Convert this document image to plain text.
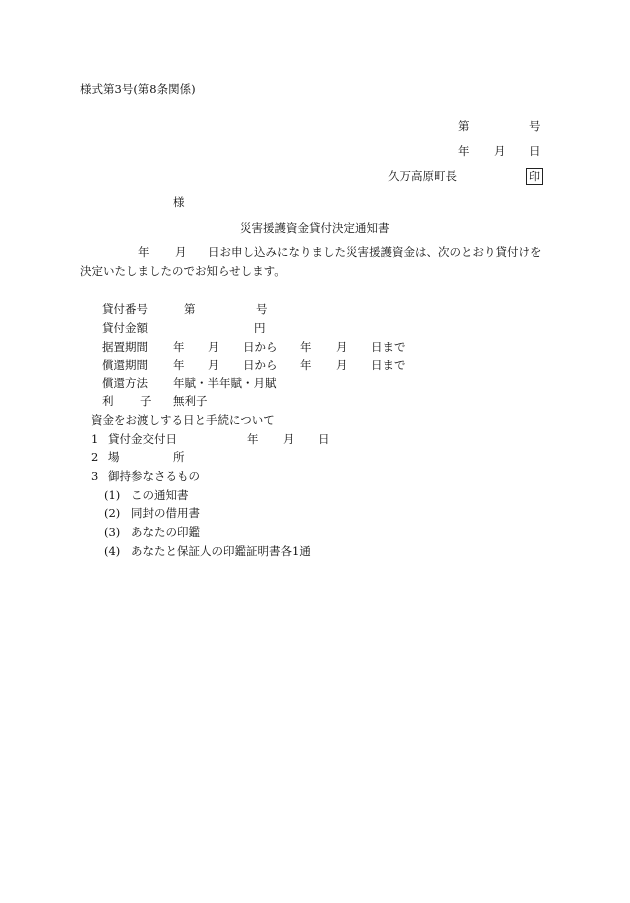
様式第3号(第8条関係)
第	号
年 月 日
久万高原町長	印
様
災害援護資金貸付決定通知書
年 月 日お申し込みになりました災害援護資金は、次のとおり貸付けを
決定いたしましたのでお知らせします。
貸付番号	第	号
貸付金額	円
据置期間 年 月 日から 年 月 日まで
償還期間 年 月 日から 年 月 日まで
償還方法 年賦・半年賦・月賦
利 子 無利子
資金をお渡しする日と手続について
1 貸付金交付日	年 月 日
2 場	所
3 御持参なさるもの
(1) この通知書
(2) 同封の借用書
(3) あなたの印鑑
(4) あなたと保証人の印鑑証明書各1通
